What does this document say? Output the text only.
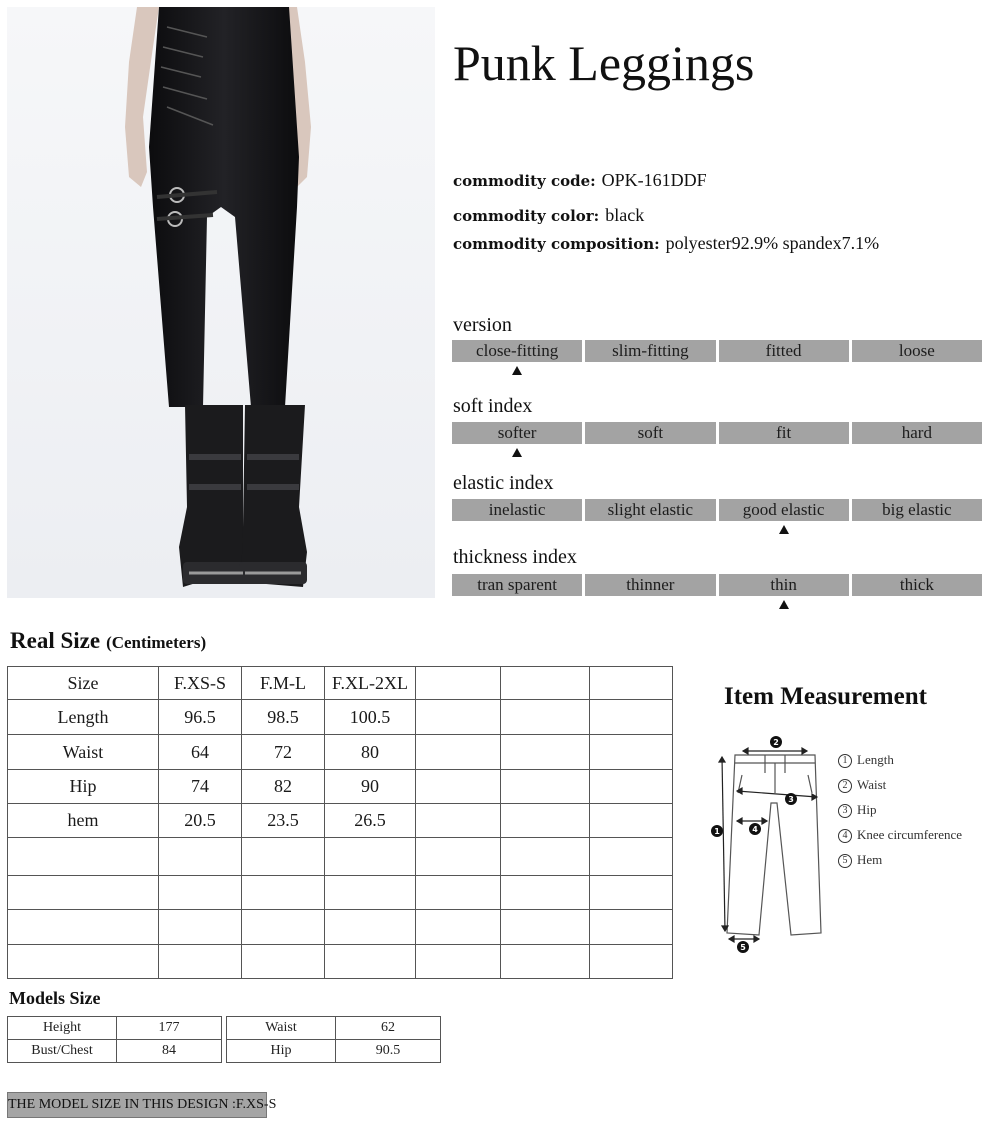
Punk Leggings
commodity code: OPK-161DDF
commodity color: black
commodity composition: polyester92.9% spandex7.1%
version
close-fitting	slim-fitting	fitted	loose
soft index
softer	soft	fit	hard
elastic index
inelastic	slight elastic	good elastic	big elastic
thickness index
tran sparent	thinner	thin	thick
Real Size (Centimeters)
Size	F.XS-S	F.M-L	F.XL-2XL			
Length	96.5	98.5	100.5			
Waist	64	72	80			
Hip	74	82	90			
hem	20.5	23.5	26.5			

Item Measurement
2
3
4
1
5
1 Length
2 Waist
3 Hip
4 Knee circumference
5 Hem
Models Size
Height	177
Bust/Chest	84
Waist	62
Hip	90.5
THE MODEL SIZE IN THIS DESIGN :F.XS-S
